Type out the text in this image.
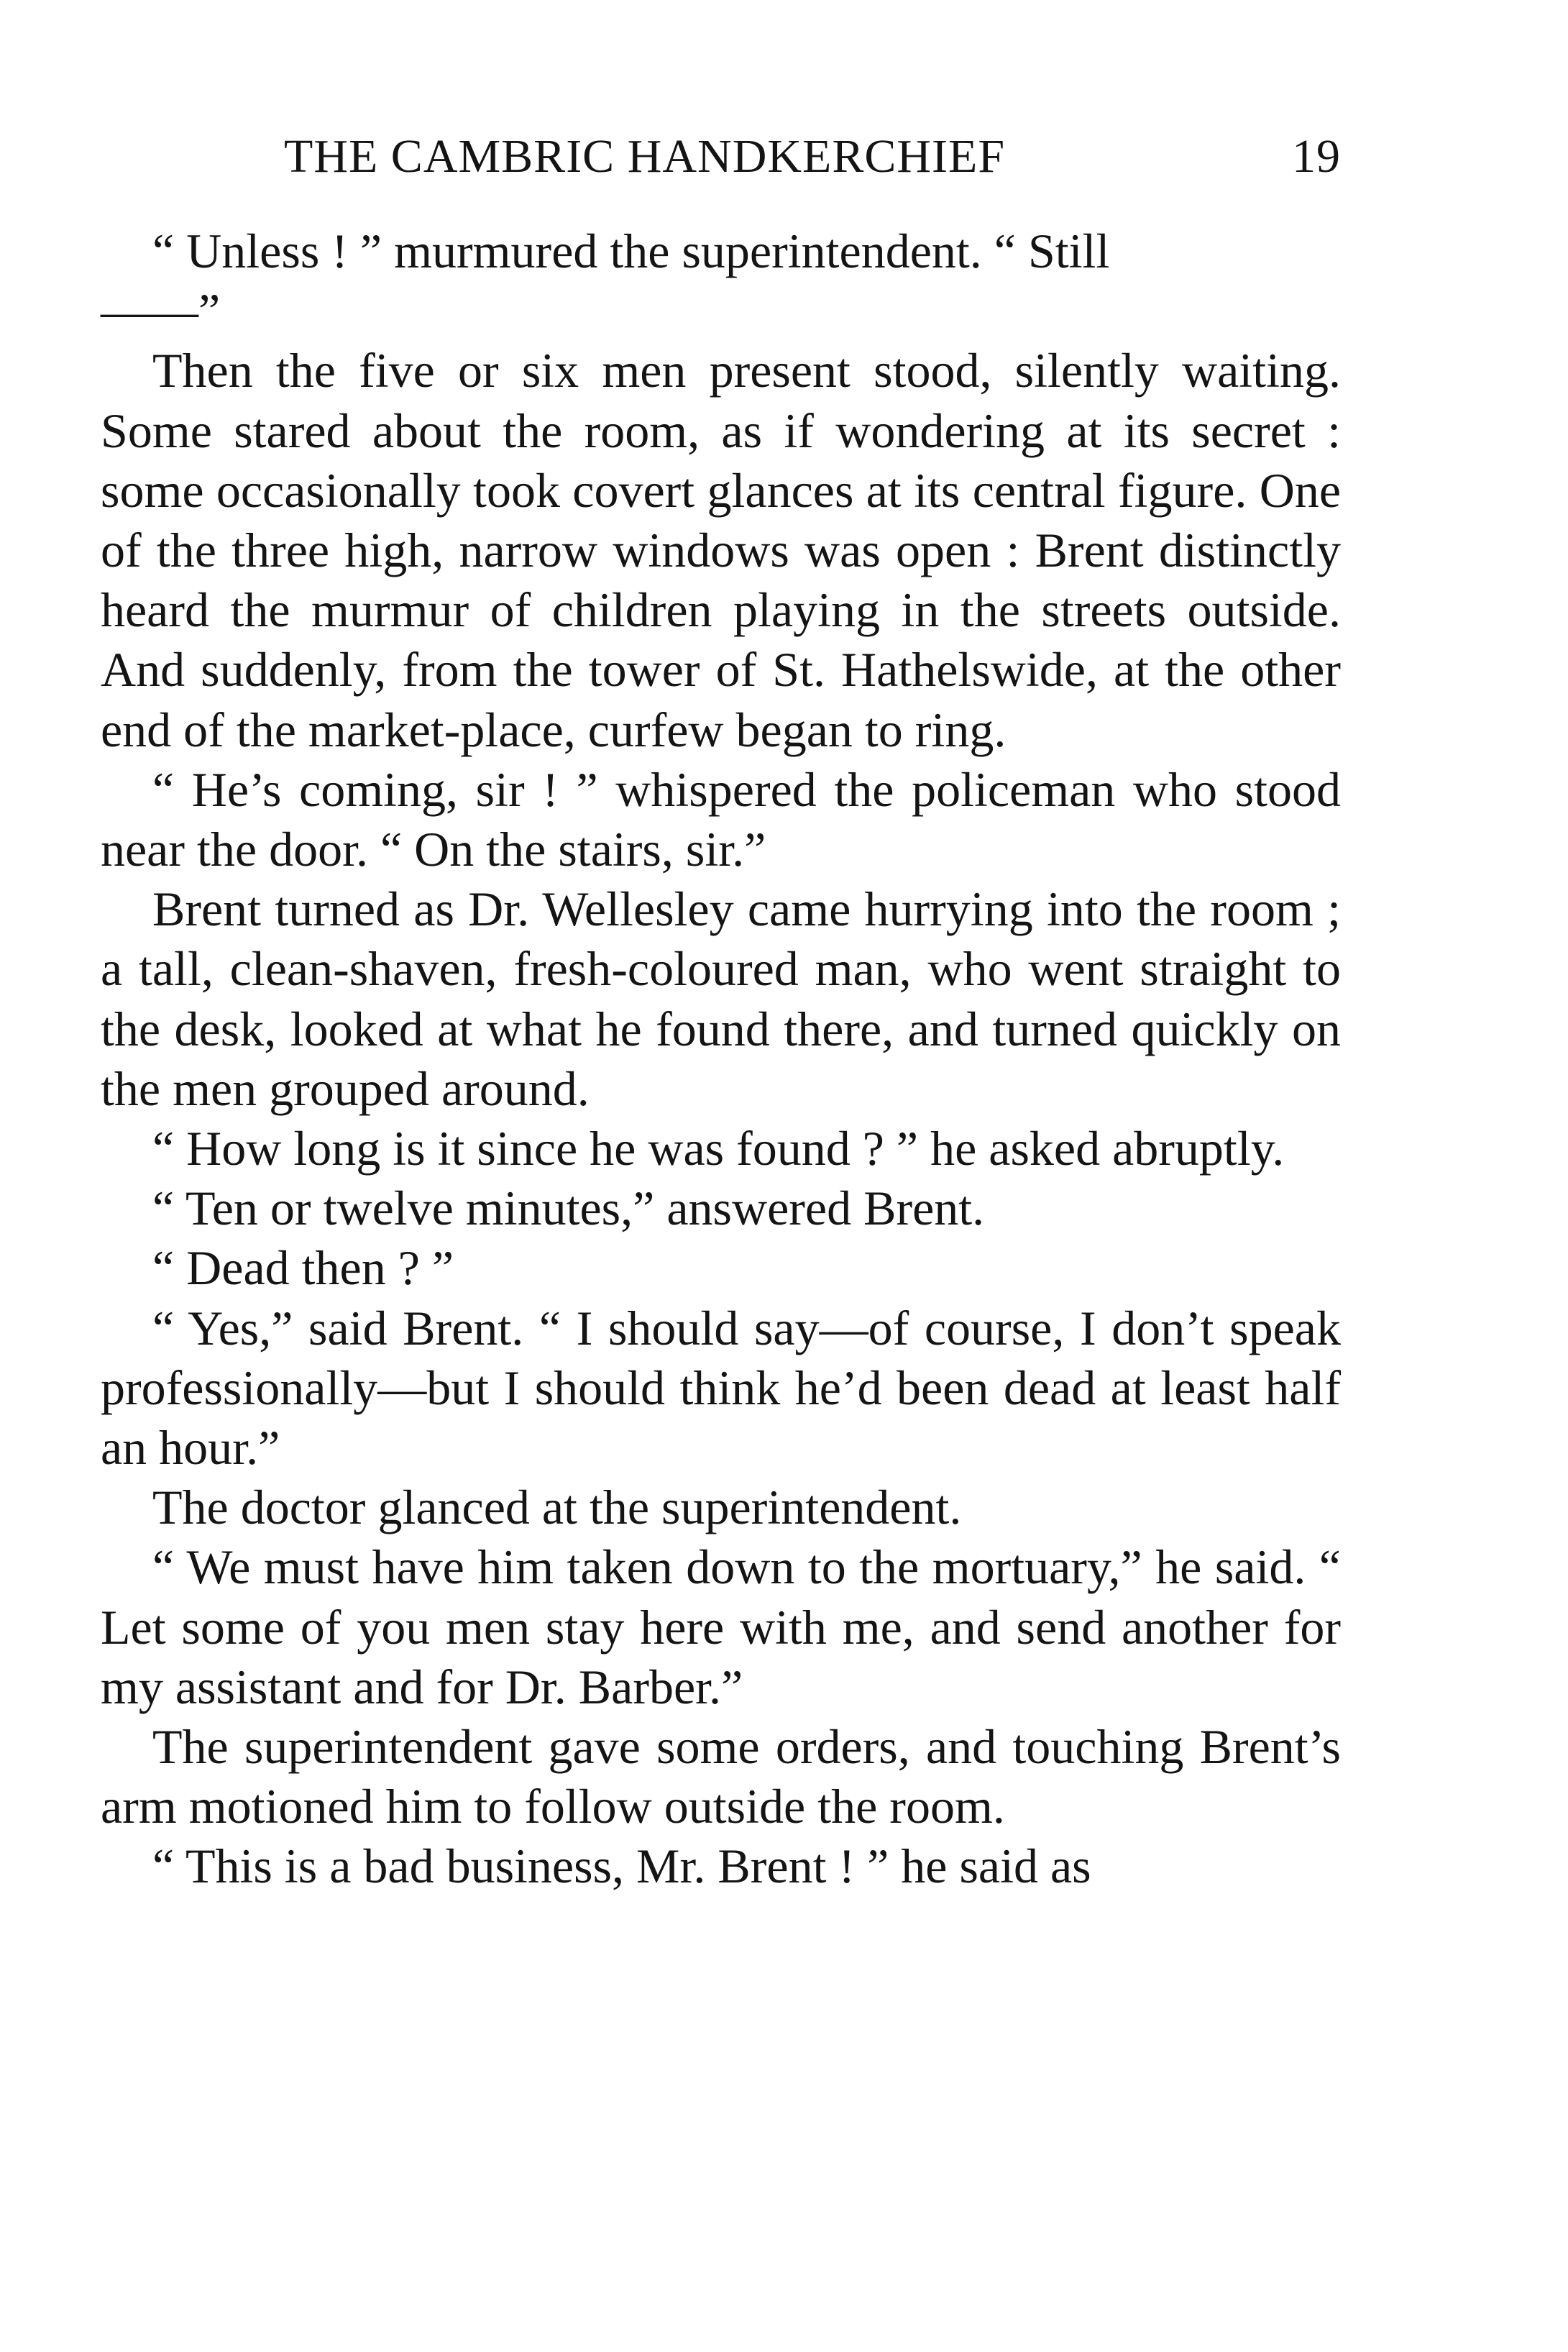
THE CAMBRIC HANDKERCHIEF	19

“ Unless ! ” murmured the superintendent. “ Still
——”

Then the five or six men present stood, silently waiting. Some stared about the room, as if wondering at its secret : some occasionally took covert glances at its central figure. One of the three high, narrow windows was open : Brent distinctly heard the murmur of children playing in the streets outside. And suddenly, from the tower of St. Hathelswide, at the other end of the market-place, curfew began to ring.

“ He’s coming, sir ! ” whispered the policeman who stood near the door. “ On the stairs, sir.”

Brent turned as Dr. Wellesley came hurrying into the room ; a tall, clean-shaven, fresh-coloured man, who went straight to the desk, looked at what he found there, and turned quickly on the men grouped around.

“ How long is it since he was found ? ” he asked abruptly.

“ Ten or twelve minutes,” answered Brent.

“ Dead then ? ”

“ Yes,” said Brent. “ I should say—of course, I don’t speak professionally—but I should think he’d been dead at least half an hour.”

The doctor glanced at the superintendent.

“ We must have him taken down to the mortuary,” he said. “ Let some of you men stay here with me, and send another for my assistant and for Dr. Barber.”

The superintendent gave some orders, and touching Brent’s arm motioned him to follow outside the room.

“ This is a bad business, Mr. Brent ! ” he said as
